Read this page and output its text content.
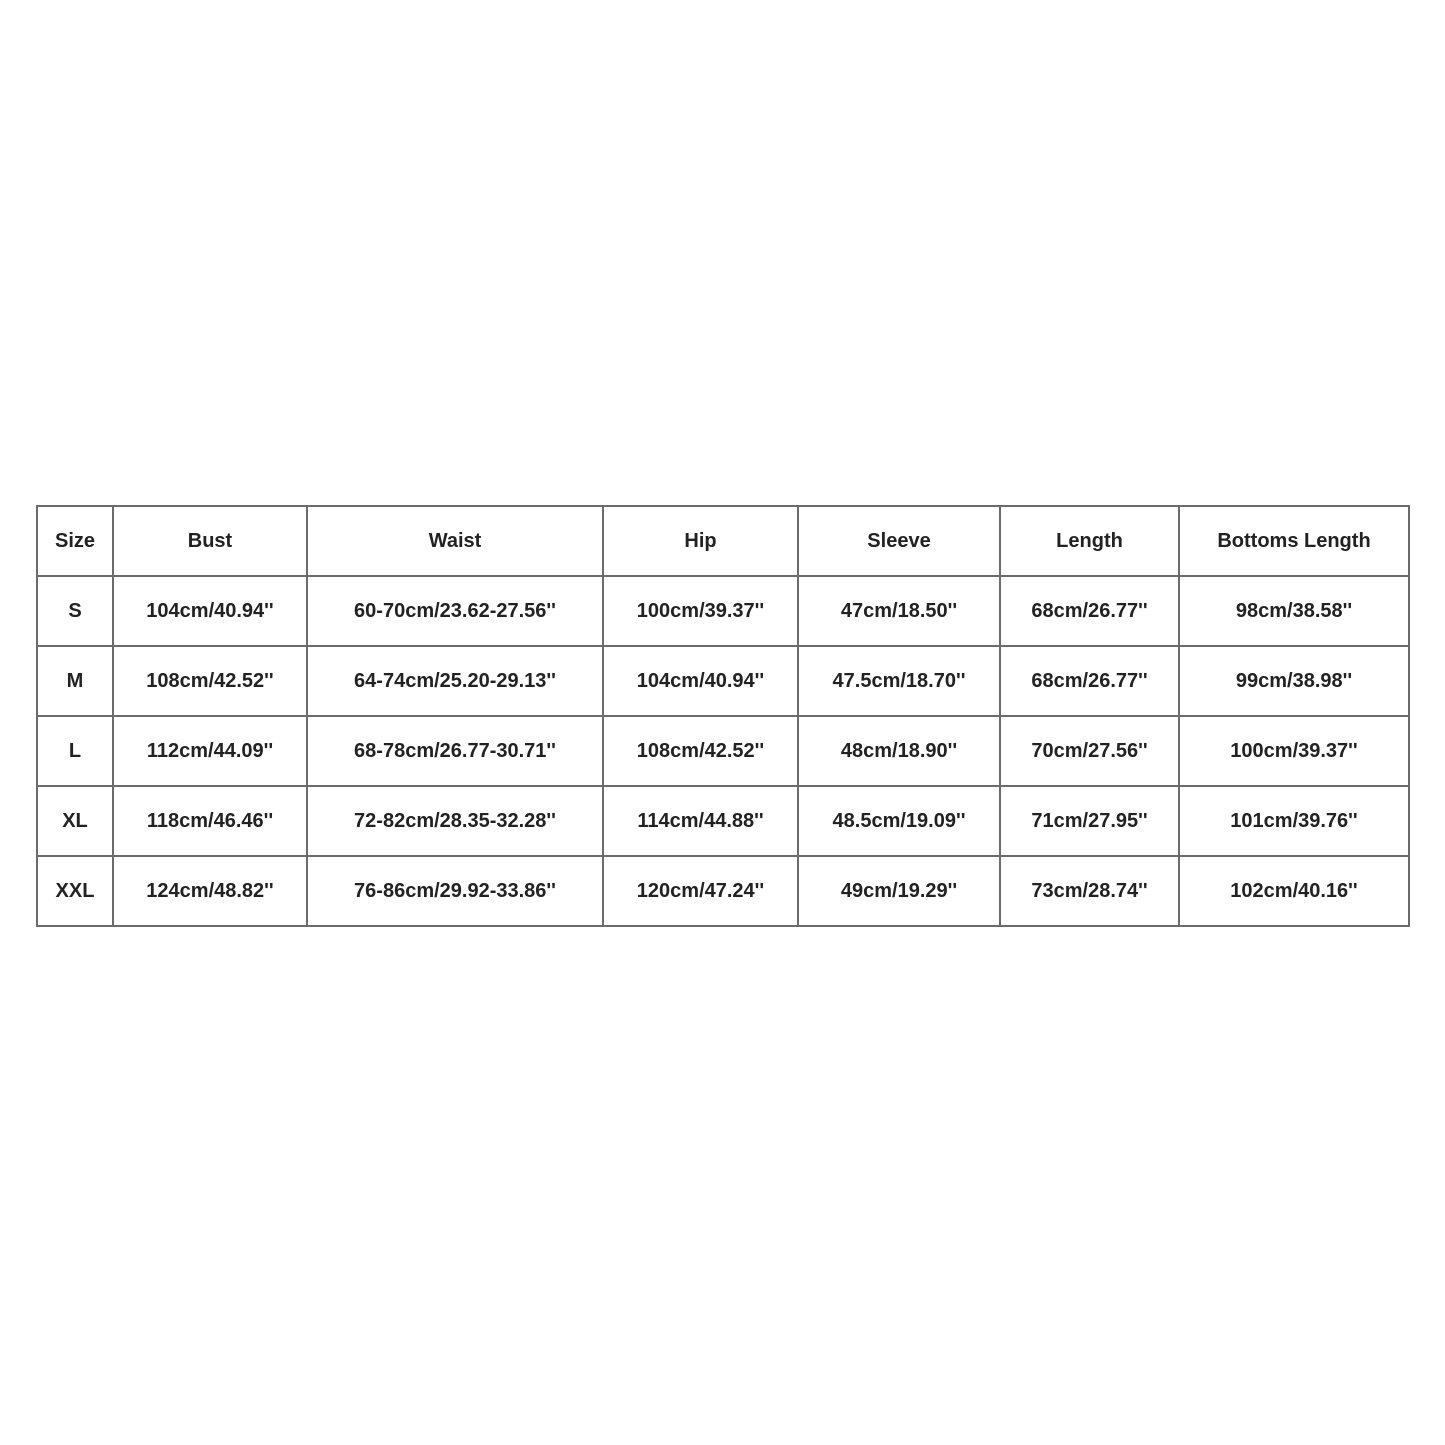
Size	Bust	Waist	Hip	Sleeve	Length	Bottoms Length
S	104cm/40.94''	60-70cm/23.62-27.56''	100cm/39.37''	47cm/18.50''	68cm/26.77''	98cm/38.58''
M	108cm/42.52''	64-74cm/25.20-29.13''	104cm/40.94''	47.5cm/18.70''	68cm/26.77''	99cm/38.98''
L	112cm/44.09''	68-78cm/26.77-30.71''	108cm/42.52''	48cm/18.90''	70cm/27.56''	100cm/39.37''
XL	118cm/46.46''	72-82cm/28.35-32.28''	114cm/44.88''	48.5cm/19.09''	71cm/27.95''	101cm/39.76''
XXL	124cm/48.82''	76-86cm/29.92-33.86''	120cm/47.24''	49cm/19.29''	73cm/28.74''	102cm/40.16''
